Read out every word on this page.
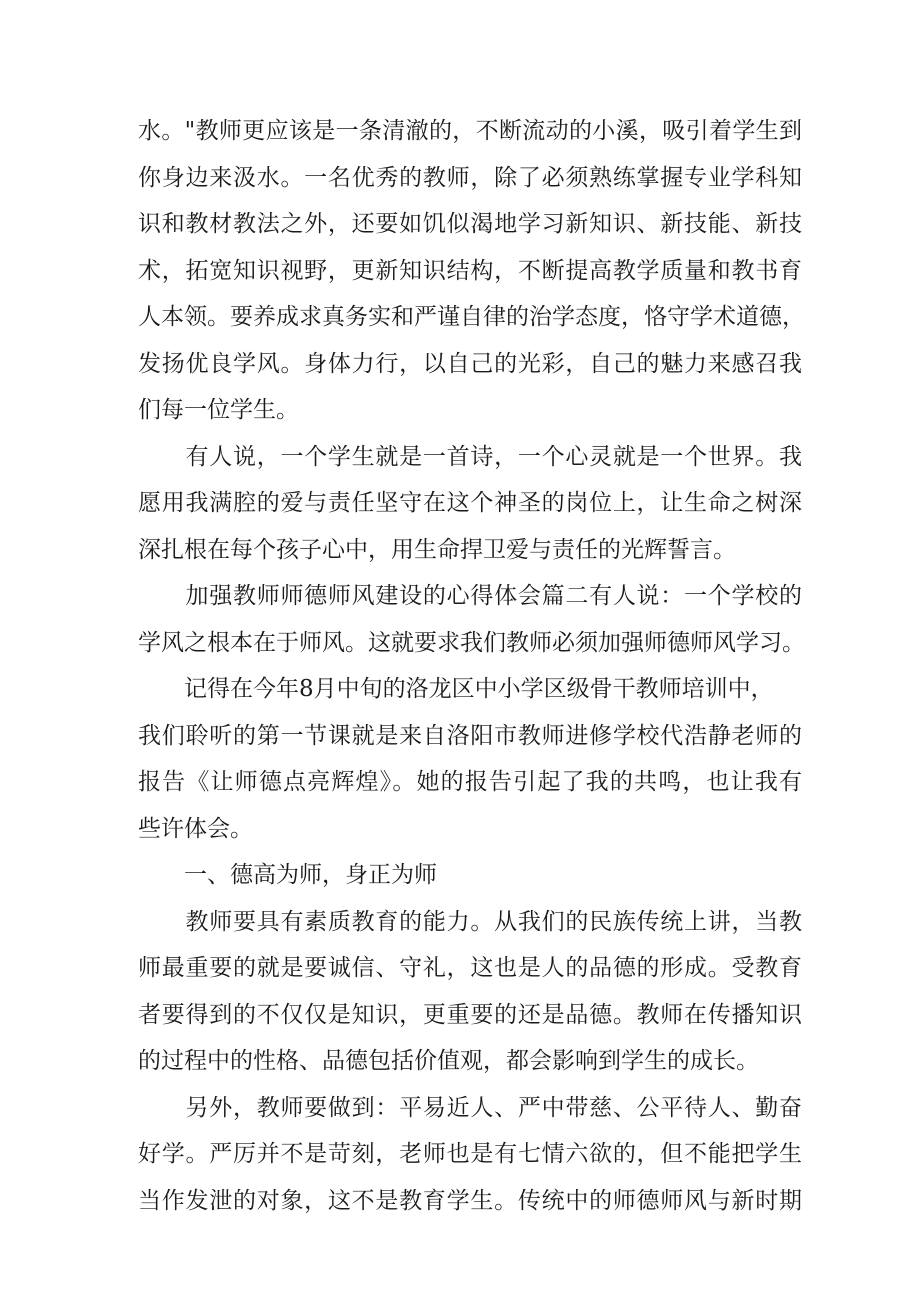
水。"教师更应该是一条清澈的，不断流动的小溪，吸引着学生到
你身边来汲水。一名优秀的教师，除了必须熟练掌握专业学科知
识和教材教法之外，还要如饥似渴地学习新知识、新技能、新技
术，拓宽知识视野，更新知识结构，不断提高教学质量和教书育
人本领。要养成求真务实和严谨自律的治学态度，恪守学术道德，
发扬优良学风。身体力行，以自己的光彩，自己的魅力来感召我
们每一位学生。
　　有人说，一个学生就是一首诗，一个心灵就是一个世界。我
愿用我满腔的爱与责任坚守在这个神圣的岗位上，让生命之树深
深扎根在每个孩子心中，用生命捍卫爱与责任的光辉誓言。
　　加强教师师德师风建设的心得体会篇二有人说：一个学校的
学风之根本在于师风。这就要求我们教师必须加强师德师风学习。
　　记得在今年8月中旬的洛龙区中小学区级骨干教师培训中，
我们聆听的第一节课就是来自洛阳市教师进修学校代浩静老师的
报告《让师德点亮辉煌》。她的报告引起了我的共鸣，也让我有
些许体会。
　　一、德高为师，身正为师
　　教师要具有素质教育的能力。从我们的民族传统上讲，当教
师最重要的就是要诚信、守礼，这也是人的品德的形成。受教育
者要得到的不仅仅是知识，更重要的还是品德。教师在传播知识
的过程中的性格、品德包括价值观，都会影响到学生的成长。
　　另外，教师要做到：平易近人、严中带慈、公平待人、勤奋
好学。严厉并不是苛刻，老师也是有七情六欲的，但不能把学生
当作发泄的对象，这不是教育学生。传统中的师德师风与新时期
